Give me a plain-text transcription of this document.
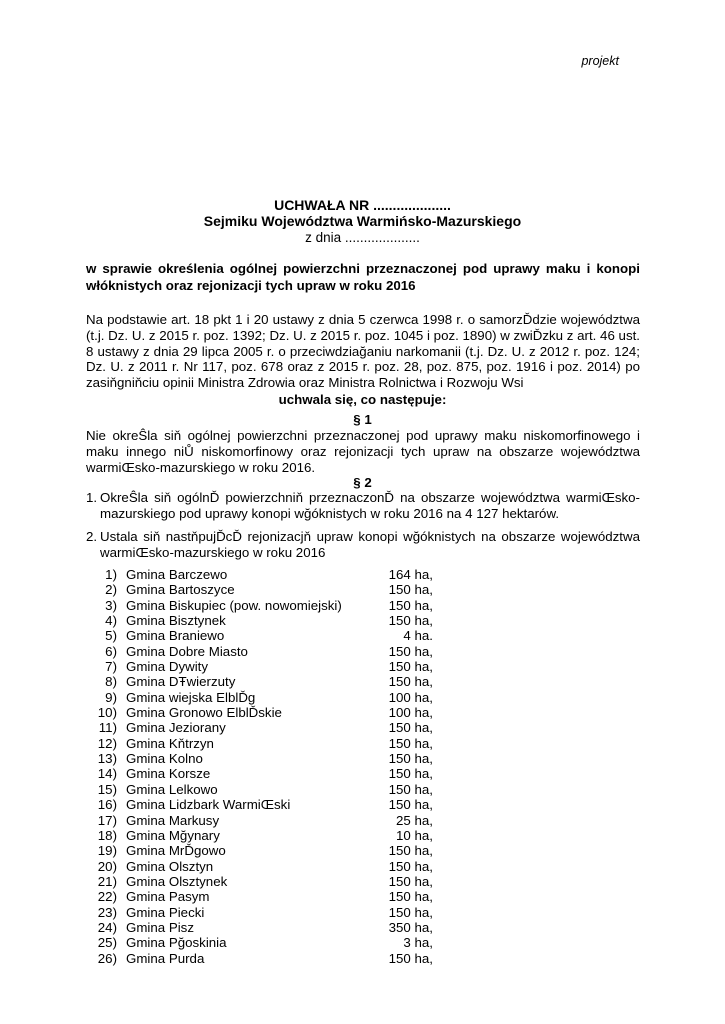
projekt
UCHWAŁA NR ....................
Sejmiku Województwa Warmińsko-Mazurskiego
z dnia ....................
w sprawie określenia ogólnej powierzchni przeznaczonej pod uprawy maku i konopi włóknistych oraz rejonizacji tych upraw w roku 2016
Na podstawie art. 18 pkt 1 i 20 ustawy z dnia 5 czerwca 1998 r. o samorzĎdzie województwa (t.j. Dz. U. z 2015 r. poz. 1392; Dz. U. z 2015 r. poz. 1045 i poz. 1890) w zwiĎzku z art. 46 ust. 8 ustawy z dnia 29 lipca 2005 r. o przeciwdziağaniu narkomanii (t.j. Dz. U. z 2012 r. poz. 124; Dz. U. z 2011 r. Nr 117, poz. 678 oraz z 2015 r. poz. 28, poz. 875, poz. 1916 i poz. 2014) po zasiňgniňciu opinii Ministra Zdrowia oraz Ministra Rolnictwa i Rozwoju Wsi
uchwala się, co następuje:
§ 1
Nie okreŜla siň ogólnej powierzchni przeznaczonej pod uprawy maku niskomorfinowego i maku innego niŮ niskomorfinowy oraz rejonizacji tych upraw na obszarze województwa warmiŒsko-mazurskiego w roku 2016.
§ 2
1. OkreŜla siň ogólnĎ powierzchniň przeznaczonĎ na obszarze województwa warmiŒsko-mazurskiego pod uprawy konopi wğóknistych w roku 2016 na 4 127 hektarów.
2. Ustala siň nastňpujĎcĎ rejonizacjň upraw konopi wğóknistych na obszarze województwa warmiŒsko-mazurskiego w roku 2016
1) Gmina Barczewo	164 ha,
2) Gmina Bartoszyce	150 ha,
3) Gmina Biskupiec (pow. nowomiejski)	150 ha,
4) Gmina Bisztynek	150 ha,
5) Gmina Braniewo	4 ha.
6) Gmina Dobre Miasto	150 ha,
7) Gmina Dywity	150 ha,
8) Gmina DŦwierzuty	150 ha,
9) Gmina wiejska ElblĎg	100 ha,
10) Gmina Gronowo ElblĎskie	100 ha,
11) Gmina Jeziorany	150 ha,
12) Gmina Kňtrzyn	150 ha,
13) Gmina Kolno	150 ha,
14) Gmina Korsze	150 ha,
15) Gmina Lelkowo	150 ha,
16) Gmina Lidzbark WarmiŒski	150 ha,
17) Gmina Markusy	25 ha,
18) Gmina Mğynary	10 ha,
19) Gmina MrĎgowo	150 ha,
20) Gmina Olsztyn	150 ha,
21) Gmina Olsztynek	150 ha,
22) Gmina Pasym	150 ha,
23) Gmina Piecki	150 ha,
24) Gmina Pisz	350 ha,
25) Gmina Pğoskinia	3 ha,
26) Gmina Purda	150 ha,
